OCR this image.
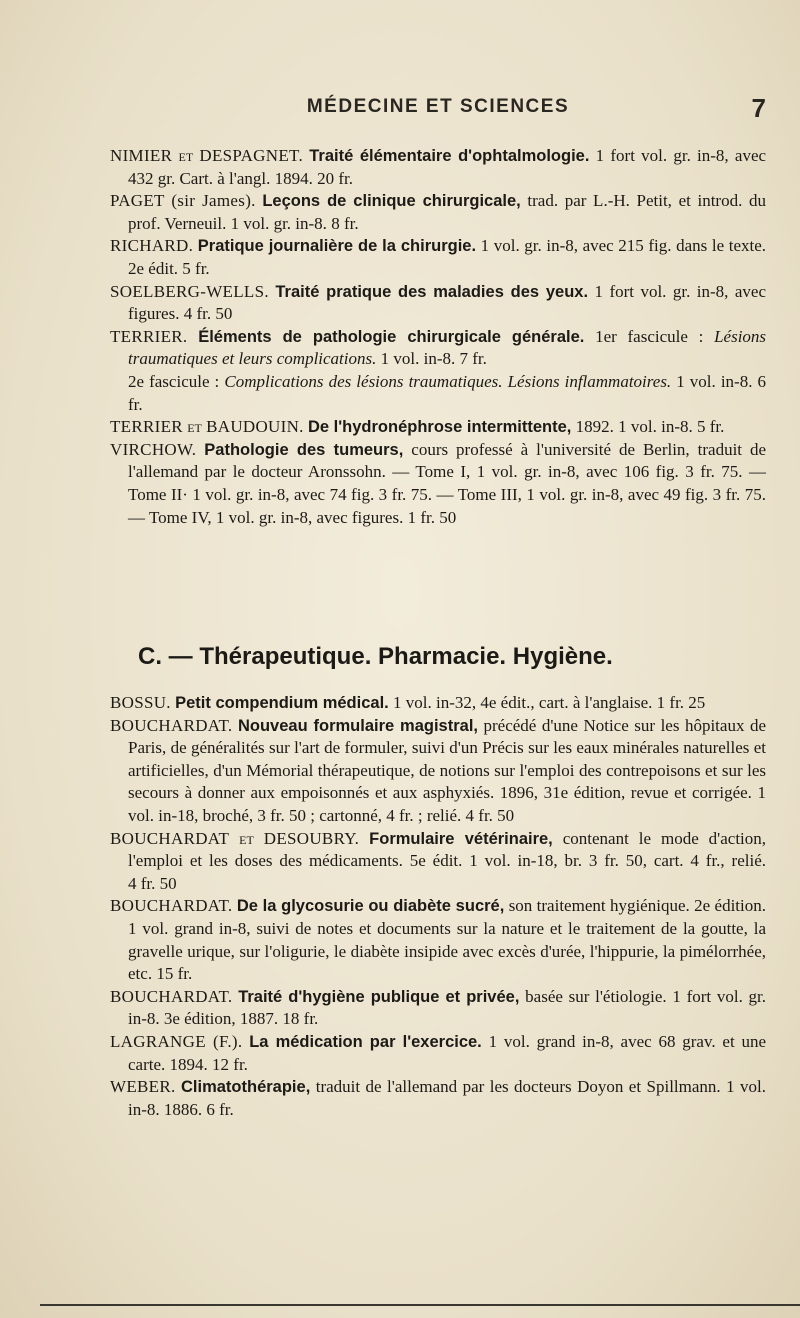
MÉDECINE ET SCIENCES	7

NIMIER et DESPAGNET. Traité élémentaire d'ophtalmologie. 1 fort vol. gr. in-8, avec 432 gr. Cart. à l'angl. 1894. 20 fr.

PAGET (sir James). Leçons de clinique chirurgicale, trad. par L.-H. Petit, et introd. du prof. Verneuil. 1 vol. gr. in-8. 8 fr.

RICHARD. Pratique journalière de la chirurgie. 1 vol. gr. in-8, avec 215 fig. dans le texte. 2e édit. 5 fr.

SOELBERG-WELLS. Traité pratique des maladies des yeux. 1 fort vol. gr. in-8, avec figures. 4 fr. 50

TERRIER. Éléments de pathologie chirurgicale générale. 1er fascicule : Lésions traumatiques et leurs complications. 1 vol. in-8. 7 fr.

2e fascicule : Complications des lésions traumatiques. Lésions inflammatoires. 1 vol. in-8. 6 fr.

TERRIER et BAUDOUIN. De l'hydronéphrose intermittente, 1892. 1 vol. in-8. 5 fr.

VIRCHOW. Pathologie des tumeurs, cours professé à l'université de Berlin, traduit de l'allemand par le docteur Aronssohn. — Tome I, 1 vol. gr. in-8, avec 106 fig. 3 fr. 75. — Tome II· 1 vol. gr. in-8, avec 74 fig. 3 fr. 75. — Tome III, 1 vol. gr. in-8, avec 49 fig. 3 fr. 75. — Tome IV, 1 vol. gr. in-8, avec figures. 1 fr. 50

C. — Thérapeutique. Pharmacie. Hygiène.

BOSSU. Petit compendium médical. 1 vol. in-32, 4e édit., cart. à l'anglaise. 1 fr. 25

BOUCHARDAT. Nouveau formulaire magistral, précédé d'une Notice sur les hôpitaux de Paris, de généralités sur l'art de formuler, suivi d'un Précis sur les eaux minérales naturelles et artificielles, d'un Mémorial thérapeutique, de notions sur l'emploi des contrepoisons et sur les secours à donner aux empoisonnés et aux asphyxiés. 1896, 31e édition, revue et corrigée. 1 vol. in-18, broché, 3 fr. 50 ; cartonné, 4 fr. ; relié. 4 fr. 50

BOUCHARDAT et DESOUBRY. Formulaire vétérinaire, contenant le mode d'action, l'emploi et les doses des médicaments. 5e édit. 1 vol. in-18, br. 3 fr. 50, cart. 4 fr., relié. 4 fr. 50

BOUCHARDAT. De la glycosurie ou diabète sucré, son traitement hygiénique. 2e édition. 1 vol. grand in-8, suivi de notes et documents sur la nature et le traitement de la goutte, la gravelle urique, sur l'oligurie, le diabète insipide avec excès d'urée, l'hippurie, la pimélorrhée, etc. 15 fr.

BOUCHARDAT. Traité d'hygiène publique et privée, basée sur l'étiologie. 1 fort vol. gr. in-8. 3e édition, 1887. 18 fr.

LAGRANGE (F.). La médication par l'exercice. 1 vol. grand in-8, avec 68 grav. et une carte. 1894. 12 fr.

WEBER. Climatothérapie, traduit de l'allemand par les docteurs Doyon et Spillmann. 1 vol. in-8. 1886. 6 fr.
